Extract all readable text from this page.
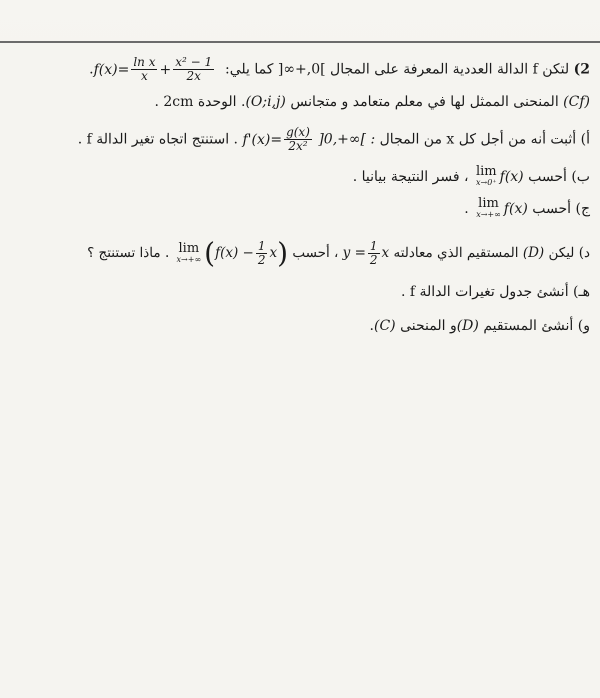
2) لتكن f الدالة العددية المعرفة على المجال ]0,+∞[ كما يلي: $f(x)= \frac{\text{ln x}}{x} + \frac{\text{x² − 1}}{2x}$
.
(Cf) المنحنى الممثل لها في معلم متعامد و متجانس (O;i,j). الوحدة 2cm .
أ) أثبت أنه من أجل كل x من المجال ]0,+∞[ : $f'(x)= \frac{g(x)}{\text{2x²}}$
. استنتج اتجاه تغير الدالة f .
ب) أحسب
lim
x→0⁺ f(x) ، فسر النتيجة بيانيا .
ج) أحسب
lim
x→+∞ f(x) .
د) ليكن (D) المستقيم الذي معادلته $y = \frac{1}{2}$ x ، أحسب
lim
x→+∞ $(f(x) - \frac{1}{2} x)$ . ماذا تستنتج ؟
هـ) أنشئ جدول تغيرات الدالة f .
و) أنشئ المستقيم (D)و المنحنى (C).
